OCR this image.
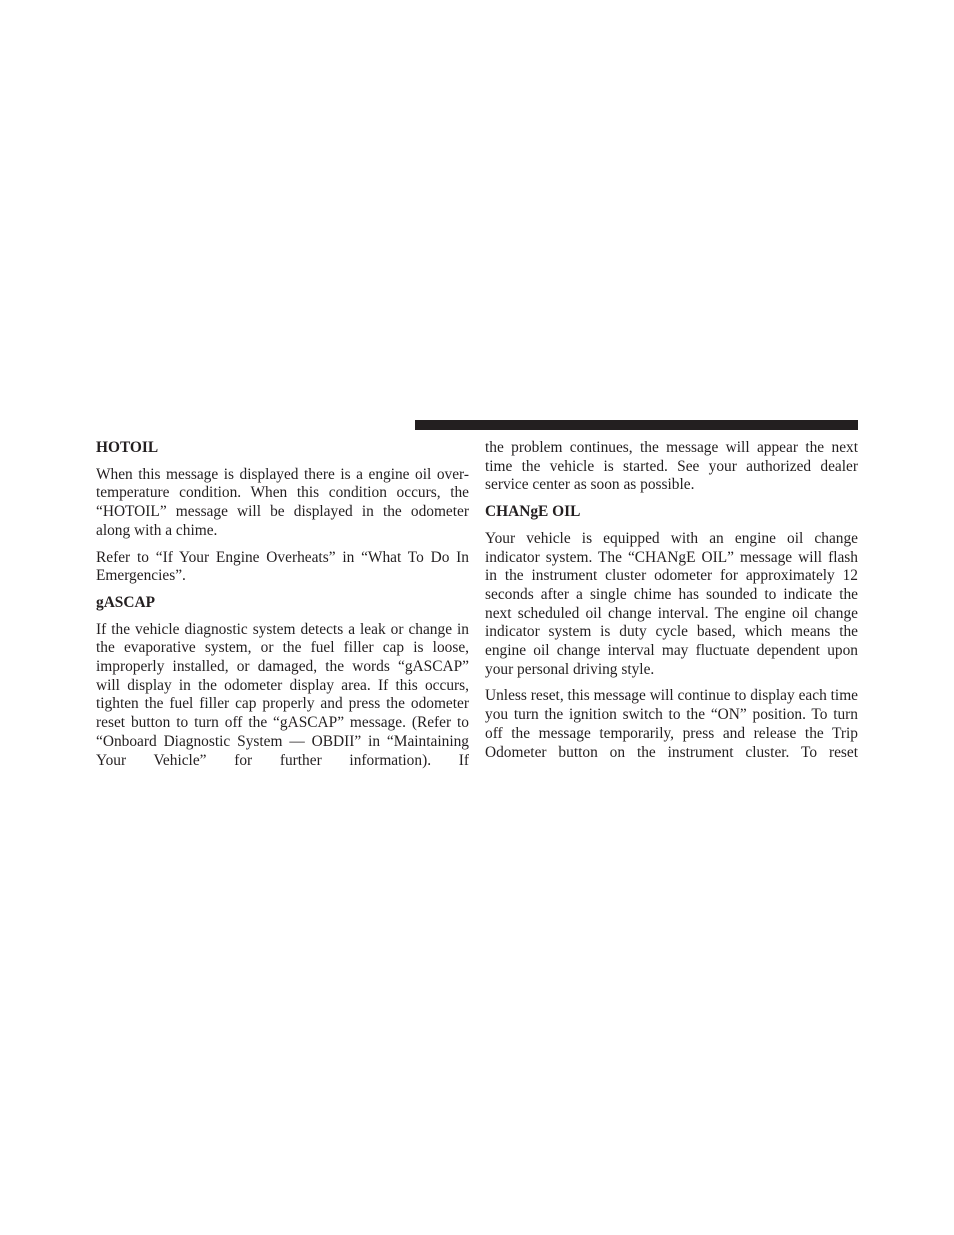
HOTOIL

When this message is displayed there is a engine oil over-temperature condition. When this condition occurs, the “HOTOIL” message will be displayed in the odometer along with a chime.

Refer to “If Your Engine Overheats” in “What To Do In Emergencies”.

gASCAP

If the vehicle diagnostic system detects a leak or change in the evaporative system, or the fuel filler cap is loose, improperly installed, or damaged, the words “gASCAP” will display in the odometer display area. If this occurs, tighten the fuel filler cap properly and press the odometer reset button to turn off the “gASCAP” message. (Refer to “Onboard Diagnostic System — OBDII” in “Maintaining Your Vehicle” for further information). If

the problem continues, the message will appear the next time the vehicle is started. See your authorized dealer service center as soon as possible.

CHANgE OIL

Your vehicle is equipped with an engine oil change indicator system. The “CHANgE OIL” message will flash in the instrument cluster odometer for approximately 12 seconds after a single chime has sounded to indicate the next scheduled oil change interval. The engine oil change indicator system is duty cycle based, which means the engine oil change interval may fluctuate dependent upon your personal driving style.

Unless reset, this message will continue to display each time you turn the ignition switch to the “ON” position. To turn off the message temporarily, press and release the Trip Odometer button on the instrument cluster. To reset
